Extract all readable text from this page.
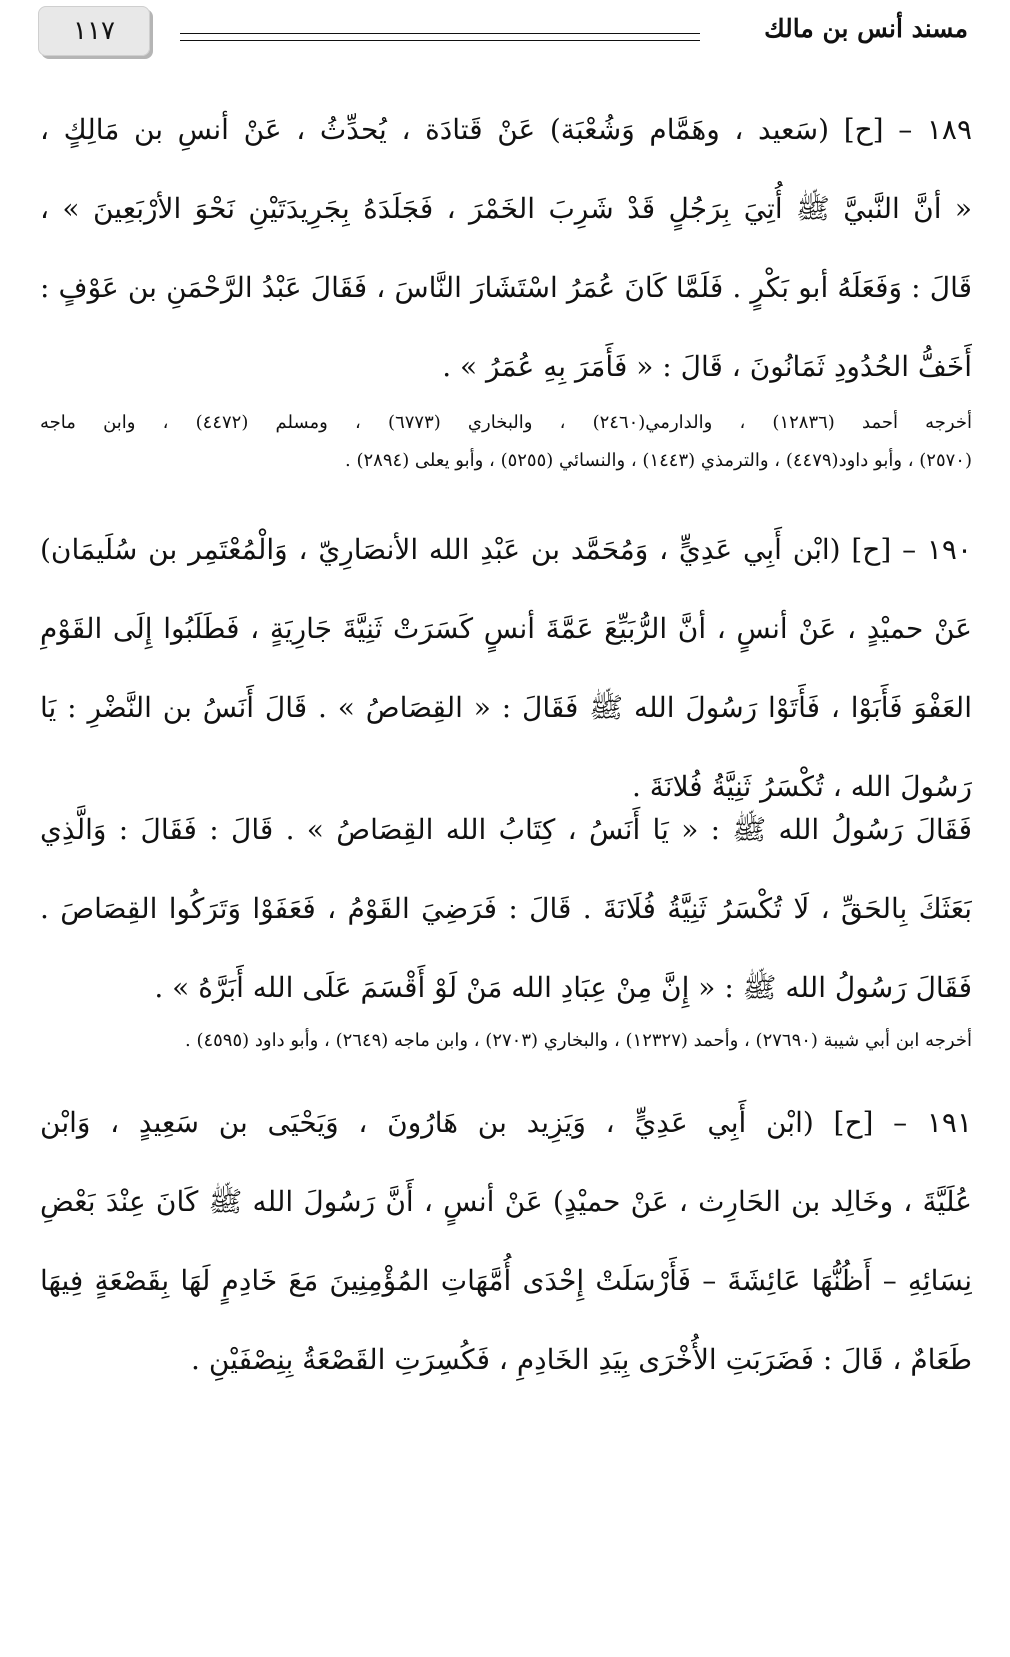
١١٧	مسند أنس بن مالك
١٨٩ – [ح] (سَعيد ، وهَمَّام وَشُعْبَة) عَنْ قَتادَة ، يُحدِّثُ ، عَنْ أنسِ بن مَالِكٍ ،
« أنَّ النَّبيَّ ﷺ أُتِيَ بِرَجُلٍ قَدْ شَرِبَ الخَمْرَ ، فَجَلَدَهُ بِجَرِيدَتَيْنِ نَحْوَ الأرْبَعِينَ » ،
قَالَ : وَفَعَلَهُ أبو بَكْرٍ . فَلَمَّا كَانَ عُمَرُ اسْتَشَارَ النَّاسَ ، فَقَالَ عَبْدُ الرَّحْمَنِ بن عَوْفٍ :
أَخَفُّ الحُدُودِ ثَمَانُونَ ، قَالَ : « فَأَمَرَ بِهِ عُمَرُ » .
أخرجه أحمد (١٢٨٣٦) ، والدارمي(٢٤٦٠) ، والبخاري (٦٧٧٣) ، ومسلم (٤٤٧٢) ، وابن ماجه
(٢٥٧٠) ، وأبو داود(٤٤٧٩) ، والترمذي (١٤٤٣) ، والنسائي (٥٢٥٥) ، وأبو يعلى (٢٨٩٤) .
١٩٠ – [ح] (ابْن أَبِي عَدِيٍّ ، وَمُحَمَّد بن عَبْدِ الله الأنصَارِيّ ، وَالْمُعْتَمِر بن سُلَيمَان)
عَنْ حميْدٍ ، عَنْ أنسٍ ، أنَّ الرُّبَيِّعَ عَمَّةَ أنسٍ كَسَرَتْ ثَنِيَّةَ جَارِيَةٍ ، فَطَلَبُوا إِلَى القَوْمِ
العَفْوَ فَأَبَوْا ، فَأَتَوْا رَسُولَ الله ﷺ فَقَالَ : « القِصَاصُ » . قَالَ أَنَسُ بن النَّضْرِ : يَا
رَسُولَ الله ، تُكْسَرُ ثَنِيَّةُ فُلانَةَ .
فَقَالَ رَسُولُ الله ﷺ : « يَا أَنَسُ ، كِتَابُ الله القِصَاصُ » . قَالَ : فَقَالَ : وَالَّذِي
بَعَثَكَ بِالحَقِّ ، لَا تُكْسَرُ ثَنِيَّةُ فُلَانَةَ . قَالَ : فَرَضِيَ القَوْمُ ، فَعَفَوْا وَتَرَكُوا القِصَاصَ .
فَقَالَ رَسُولُ الله ﷺ : « إِنَّ مِنْ عِبَادِ الله مَنْ لَوْ أَقْسَمَ عَلَى الله أَبَرَّهُ » .
أخرجه ابن أبي شيبة (٢٧٦٩٠) ، وأحمد (١٢٣٢٧) ، والبخاري (٢٧٠٣) ، وابن ماجه (٢٦٤٩) ، وأبو داود (٤٥٩٥) .
١٩١ – [ح] (ابْن أَبِي عَدِيٍّ ، وَيَزِيد بن هَارُونَ ، وَيَحْيَى بن سَعِيدٍ ، وَابْن
عُلَيَّةَ ، وخَالِد بن الحَارِث ، عَنْ حميْدٍ) عَنْ أنسٍ ، أَنَّ رَسُولَ الله ﷺ كَانَ عِنْدَ بَعْضِ
نِسَائِهِ – أَظُنُّهَا عَائِشَةَ – فَأَرْسَلَتْ إِحْدَى أُمَّهَاتِ المُؤْمِنِينَ مَعَ خَادِمٍ لَهَا بِقَصْعَةٍ فِيهَا
طَعَامٌ ، قَالَ : فَضَرَبَتِ الأُخْرَى بِيَدِ الخَادِمِ ، فَكُسِرَتِ القَصْعَةُ بِنِصْفَيْنِ .
